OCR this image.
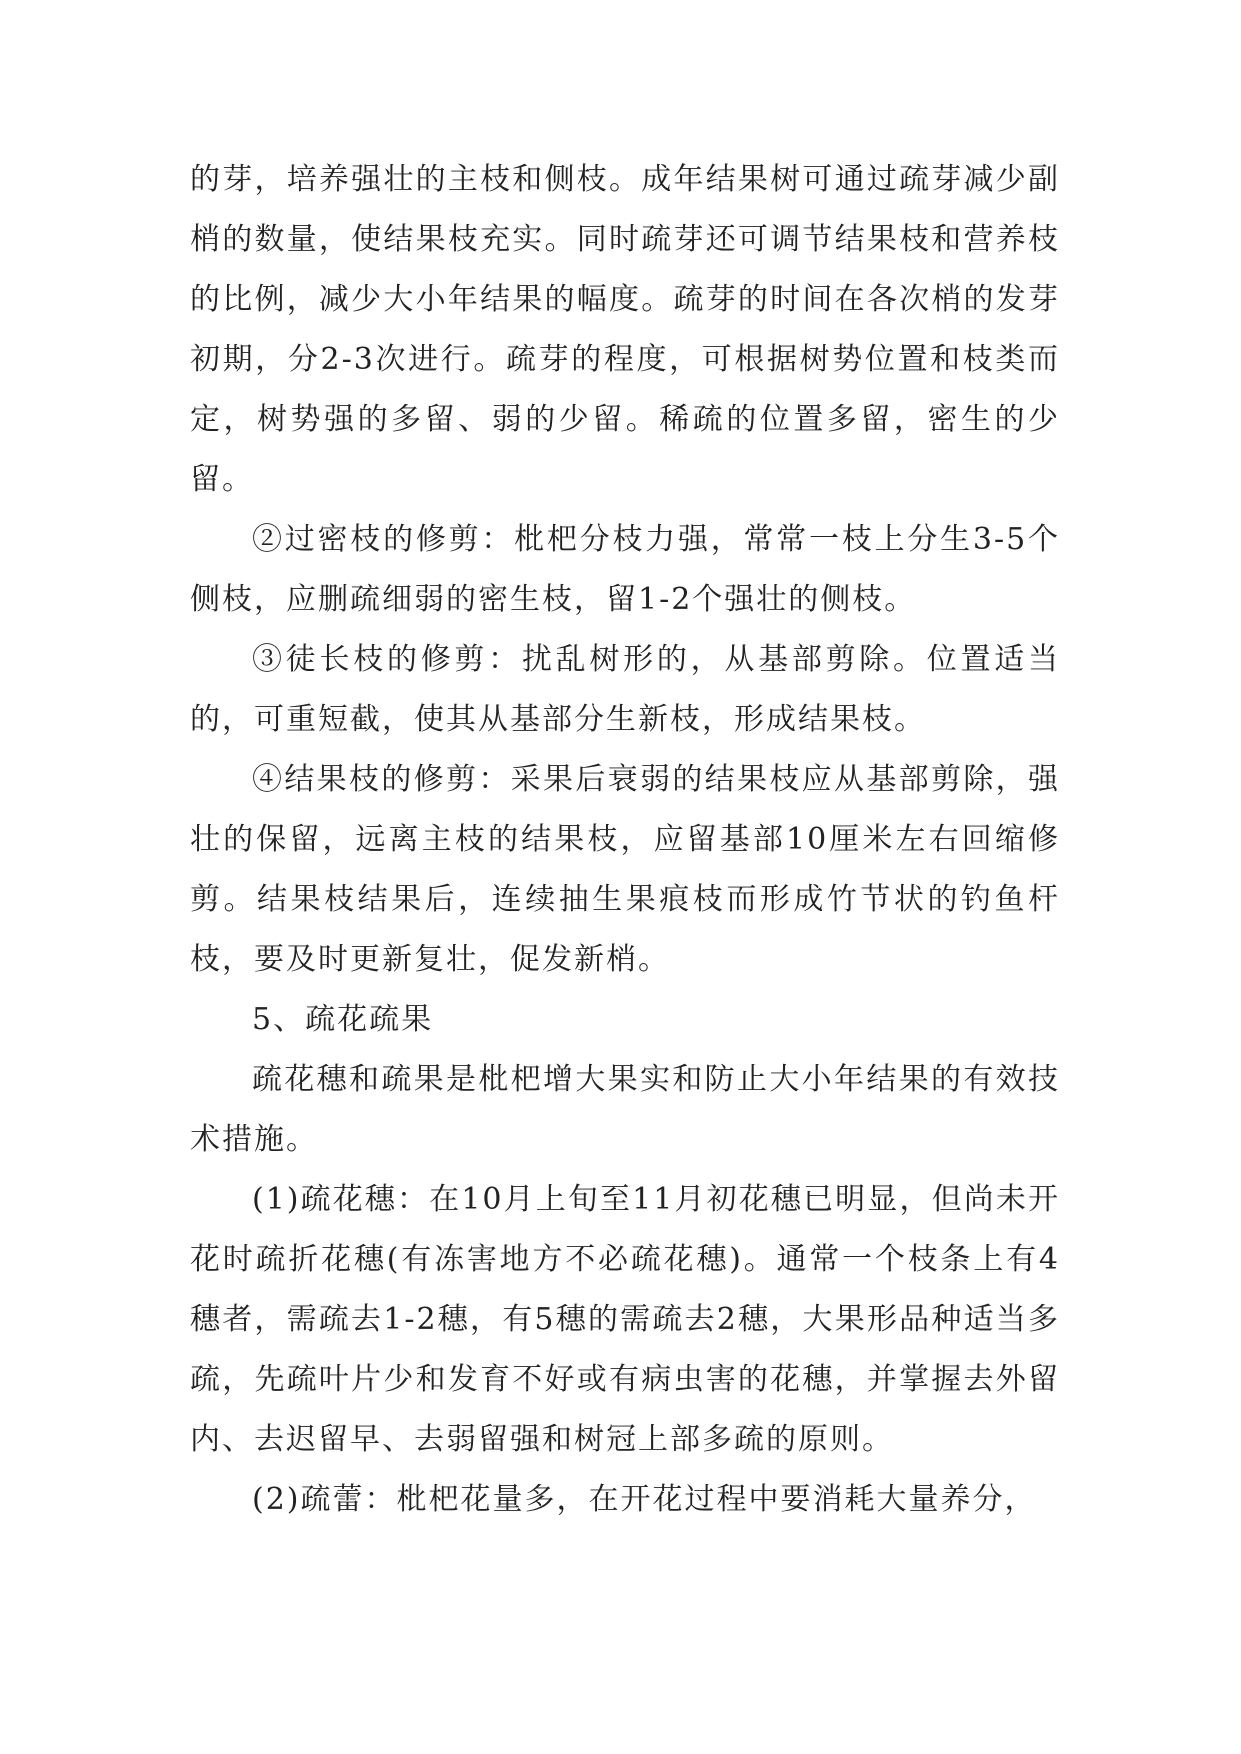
的芽，培养强壮的主枝和侧枝。成年结果树可通过疏芽减少副梢的数量，使结果枝充实。同时疏芽还可调节结果枝和营养枝的比例，减少大小年结果的幅度。疏芽的时间在各次梢的发芽初期，分2-3次进行。疏芽的程度，可根据树势位置和枝类而定，树势强的多留、弱的少留。稀疏的位置多留，密生的少留。

②过密枝的修剪：枇杷分枝力强，常常一枝上分生3-5个侧枝，应删疏细弱的密生枝，留1-2个强壮的侧枝。

③徒长枝的修剪：扰乱树形的，从基部剪除。位置适当的，可重短截，使其从基部分生新枝，形成结果枝。

④结果枝的修剪：采果后衰弱的结果枝应从基部剪除，强壮的保留，远离主枝的结果枝，应留基部10厘米左右回缩修剪。结果枝结果后，连续抽生果痕枝而形成竹节状的钓鱼杆枝，要及时更新复壮，促发新梢。

5、疏花疏果

疏花穗和疏果是枇杷增大果实和防止大小年结果的有效技术措施。

(1)疏花穗：在10月上旬至11月初花穗已明显，但尚未开花时疏折花穗(有冻害地方不必疏花穗)。通常一个枝条上有4穗者，需疏去1-2穗，有5穗的需疏去2穗，大果形品种适当多疏，先疏叶片少和发育不好或有病虫害的花穗，并掌握去外留内、去迟留早、去弱留强和树冠上部多疏的原则。

(2)疏蕾：枇杷花量多，在开花过程中要消耗大量养分，
